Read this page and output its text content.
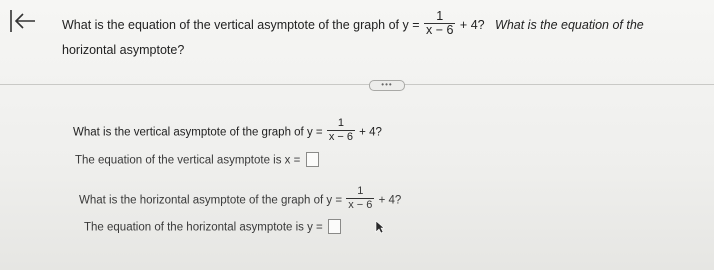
What is the equation of the vertical asymptote of the graph of $y = \frac{1}{x - 6} + 4$? What is the equation of the
horizontal asymptote?
•••
What is the vertical asymptote of the graph of $y = \frac{1}{x - 6} + 4$?
The equation of the vertical asymptote is x =
What is the horizontal asymptote of the graph of $y = \frac{1}{x - 6} + 4$?
The equation of the horizontal asymptote is y =
